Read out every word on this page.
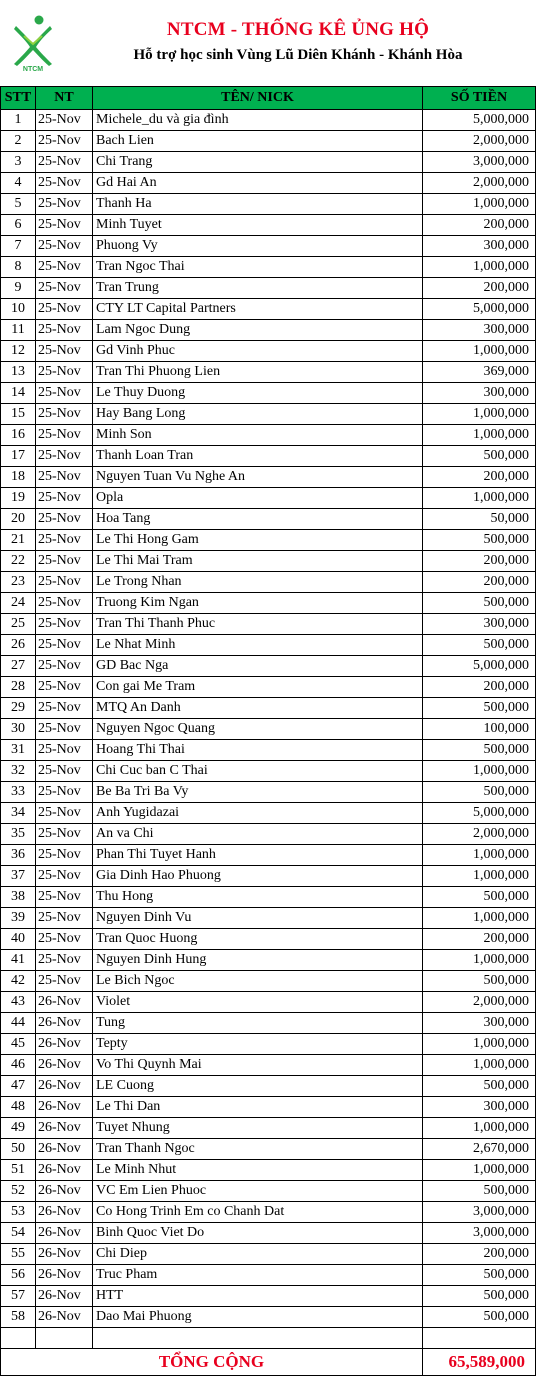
NTCM
NTCM - THỐNG KÊ ỦNG HỘ
Hỗ trợ học sinh Vùng Lũ Diên Khánh - Khánh Hòa
STT	NT	TÊN/ NICK	SỐ TIỀN
1	25-Nov	Michele_du và gia đình	5,000,000
2	25-Nov	Bach Lien	2,000,000
3	25-Nov	Chi Trang	3,000,000
4	25-Nov	Gd Hai An	2,000,000
5	25-Nov	Thanh Ha	1,000,000
6	25-Nov	Minh Tuyet	200,000
7	25-Nov	Phuong Vy	300,000
8	25-Nov	Tran Ngoc Thai	1,000,000
9	25-Nov	Tran Trung	200,000
10	25-Nov	CTY LT Capital Partners	5,000,000
11	25-Nov	Lam Ngoc Dung	300,000
12	25-Nov	Gd Vinh Phuc	1,000,000
13	25-Nov	Tran Thi Phuong Lien	369,000
14	25-Nov	Le Thuy Duong	300,000
15	25-Nov	Hay Bang Long	1,000,000
16	25-Nov	Minh Son	1,000,000
17	25-Nov	Thanh Loan Tran	500,000
18	25-Nov	Nguyen Tuan Vu Nghe An	200,000
19	25-Nov	Opla	1,000,000
20	25-Nov	Hoa Tang	50,000
21	25-Nov	Le Thi Hong Gam	500,000
22	25-Nov	Le Thi Mai Tram	200,000
23	25-Nov	Le Trong Nhan	200,000
24	25-Nov	Truong Kim Ngan	500,000
25	25-Nov	Tran Thi Thanh Phuc	300,000
26	25-Nov	Le Nhat Minh	500,000
27	25-Nov	GD Bac Nga	5,000,000
28	25-Nov	Con gai Me Tram	200,000
29	25-Nov	MTQ An Danh	500,000
30	25-Nov	Nguyen Ngoc Quang	100,000
31	25-Nov	Hoang Thi Thai	500,000
32	25-Nov	Chi Cuc ban C Thai	1,000,000
33	25-Nov	Be Ba Tri Ba Vy	500,000
34	25-Nov	Anh Yugidazai	5,000,000
35	25-Nov	An va Chi	2,000,000
36	25-Nov	Phan Thi Tuyet Hanh	1,000,000
37	25-Nov	Gia Dinh Hao Phuong	1,000,000
38	25-Nov	Thu Hong	500,000
39	25-Nov	Nguyen Dinh Vu	1,000,000
40	25-Nov	Tran Quoc Huong	200,000
41	25-Nov	Nguyen Dinh Hung	1,000,000
42	25-Nov	Le Bich Ngoc	500,000
43	26-Nov	Violet	2,000,000
44	26-Nov	Tung	300,000
45	26-Nov	Tepty	1,000,000
46	26-Nov	Vo Thi Quynh Mai	1,000,000
47	26-Nov	LE Cuong	500,000
48	26-Nov	Le Thi Dan	300,000
49	26-Nov	Tuyet Nhung	1,000,000
50	26-Nov	Tran Thanh Ngoc	2,670,000
51	26-Nov	Le Minh Nhut	1,000,000
52	26-Nov	VC Em Lien Phuoc	500,000
53	26-Nov	Co Hong Trinh Em co Chanh Dat	3,000,000
54	26-Nov	Binh Quoc Viet Do	3,000,000
55	26-Nov	Chi Diep	200,000
56	26-Nov	Truc Pham	500,000
57	26-Nov	HTT	500,000
58	26-Nov	Dao Mai Phuong	500,000

TỔNG CỘNG			65,589,000
